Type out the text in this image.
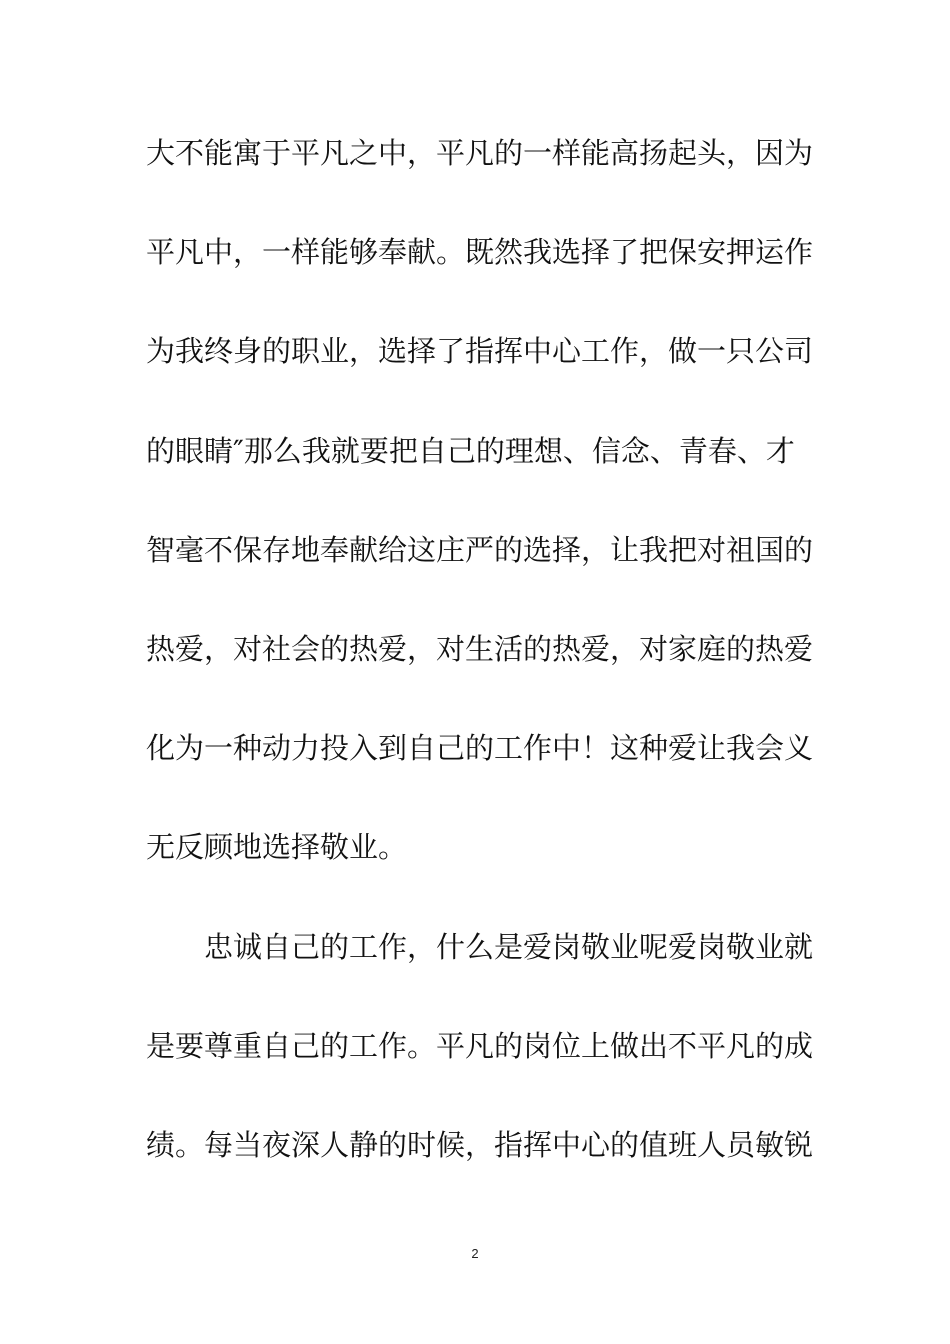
大不能寓于平凡之中，平凡的一样能高扬起头，因为
平凡中，一样能够奉献。既然我选择了把保安押运作
为我终身的职业，选择了指挥中心工作，做一只公司
的眼睛″那么我就要把自己的理想、信念、青春、才
智毫不保存地奉献给这庄严的选择，让我把对祖国的
热爱，对社会的热爱，对生活的热爱，对家庭的热爱
化为一种动力投入到自己的工作中！这种爱让我会义
无反顾地选择敬业。
忠诚自己的工作，什么是爱岗敬业呢爱岗敬业就
是要尊重自己的工作。平凡的岗位上做出不平凡的成
绩。每当夜深人静的时候，指挥中心的值班人员敏锐
2
